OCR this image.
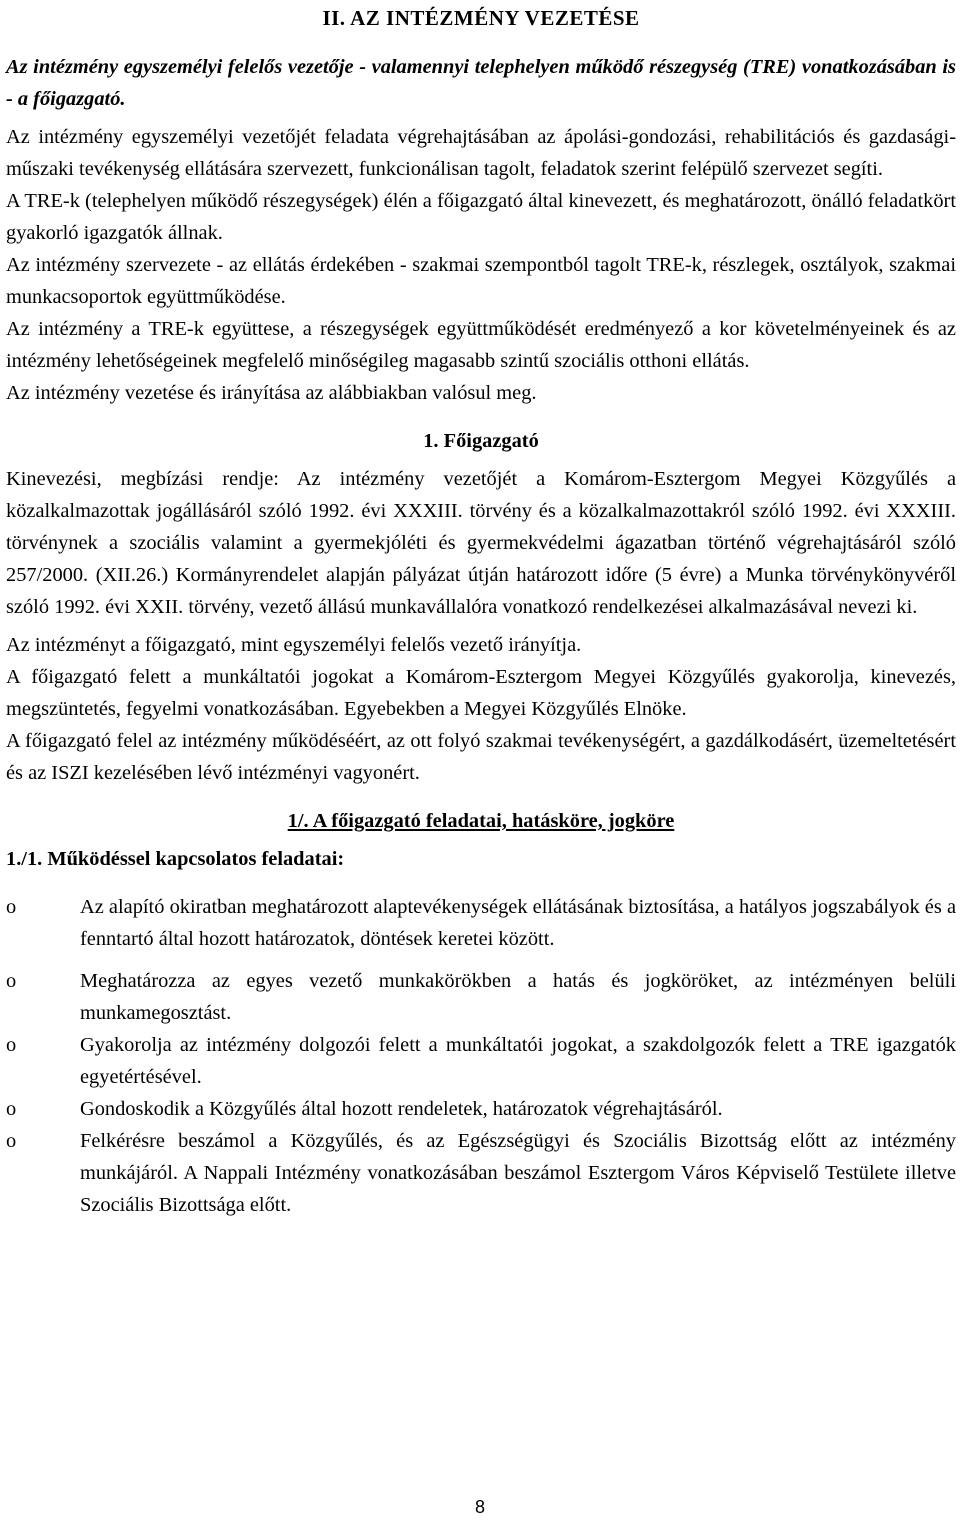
II. AZ INTÉZMÉNY VEZETÉSE

Az intézmény egyszemélyi felelős vezetője - valamennyi telephelyen működő részegység (TRE) vonatkozásában is - a főigazgató.

Az intézmény egyszemélyi vezetőjét feladata végrehajtásában az ápolási-gondozási, rehabilitációs és gazdasági-műszaki tevékenység ellátására szervezett, funkcionálisan tagolt, feladatok szerint felépülő szervezet segíti.

A TRE-k (telephelyen működő részegységek) élén a főigazgató által kinevezett, és meghatározott, önálló feladatkört gyakorló igazgatók állnak.

Az intézmény szervezete - az ellátás érdekében - szakmai szempontból tagolt TRE-k, részlegek, osztályok, szakmai munkacsoportok együttműködése.

Az intézmény a TRE-k együttese, a részegységek együttműködését eredményező a kor követelményeinek és az intézmény lehetőségeinek megfelelő minőségileg magasabb szintű szociális otthoni ellátás.

Az intézmény vezetése és irányítása az alábbiakban valósul meg.

1. Főigazgató

Kinevezési, megbízási rendje: Az intézmény vezetőjét a Komárom-Esztergom Megyei Közgyűlés a közalkalmazottak jogállásáról szóló 1992. évi XXXIII. törvény és a közalkalmazottakról szóló 1992. évi XXXIII. törvénynek a szociális valamint a gyermekjóléti és gyermekvédelmi ágazatban történő végrehajtásáról szóló 257/2000. (XII.26.) Kormányrendelet alapján pályázat útján határozott időre (5 évre) a Munka törvénykönyvéről szóló 1992. évi XXII. törvény, vezető állású munkavállalóra vonatkozó rendelkezései alkalmazásával nevezi ki.

Az intézményt a főigazgató, mint egyszemélyi felelős vezető irányítja.

A főigazgató felett a munkáltatói jogokat a Komárom-Esztergom Megyei Közgyűlés gyakorolja, kinevezés, megszüntetés, fegyelmi vonatkozásában. Egyebekben a Megyei Közgyűlés Elnöke.

A főigazgató felel az intézmény működéséért, az ott folyó szakmai tevékenységért, a gazdálkodásért, üzemeltetésért és az ISZI kezelésében lévő intézményi vagyonért.

1/. A főigazgató feladatai, hatásköre, jogköre
1./1. Működéssel kapcsolatos feladatai:
o	Az alapító okiratban meghatározott alaptevékenységek ellátásának biztosítása, a hatályos jogszabályok és a fenntartó által hozott határozatok, döntések keretei között.
o	Meghatározza az egyes vezető munkakörökben a hatás és jogköröket, az intézményen belüli munkamegosztást.
o	Gyakorolja az intézmény dolgozói felett a munkáltatói jogokat, a szakdolgozók felett a TRE igazgatók egyetértésével.
o	Gondoskodik a Közgyűlés által hozott rendeletek, határozatok végrehajtásáról.
o	Felkérésre beszámol a Közgyűlés, és az Egészségügyi és Szociális Bizottság előtt az intézmény munkájáról. A Nappali Intézmény vonatkozásában beszámol Esztergom Város Képviselő Testülete illetve Szociális Bizottsága előtt.
8
